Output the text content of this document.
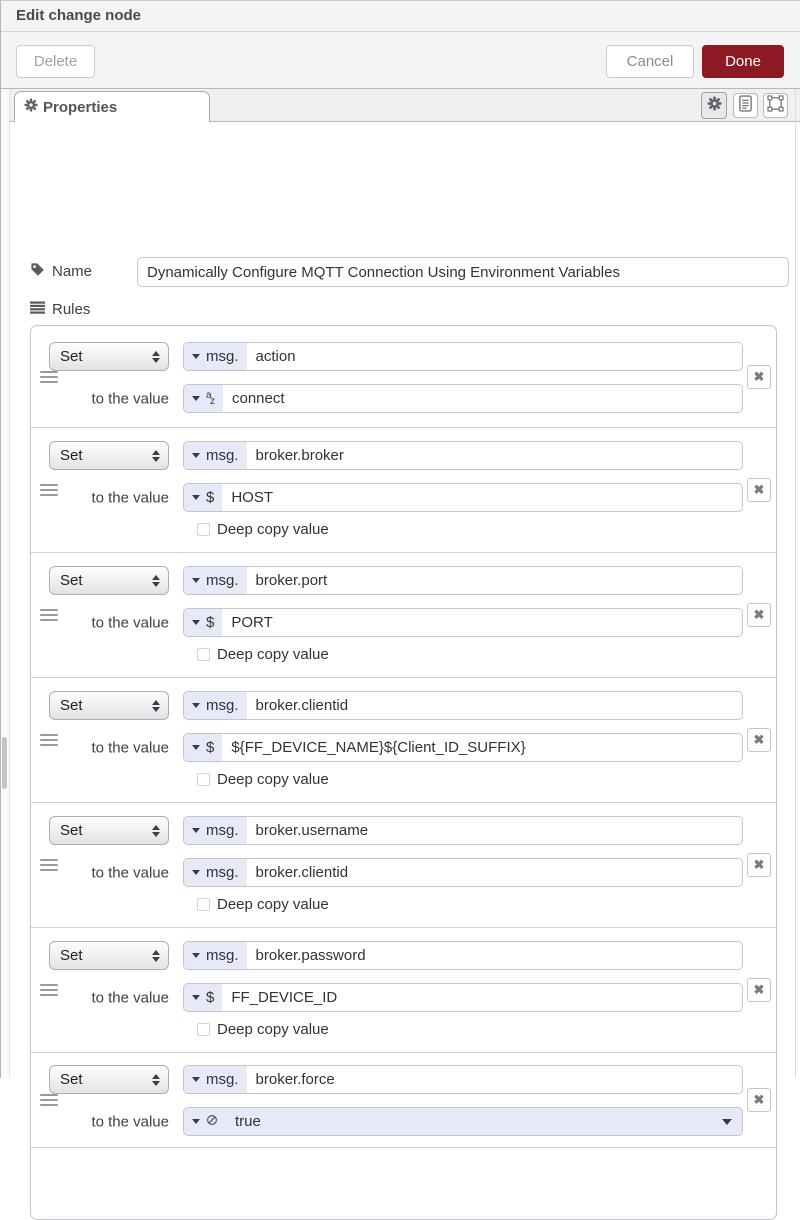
Edit change node
Delete	Cancel	Done
Properties
Name
Dynamically Configure MQTT Connection Using Environment Variables
Rules
Set	msg.	action
to the value	a
z	connect
✖
Set	msg.	broker.broker
to the value $	HOST
Deep copy value
✖
Set	msg.	broker.port
to the value $	PORT
Deep copy value
✖
Set	msg.	broker.clientid
to the value $	${FF_DEVICE_NAME}${Client_ID_SUFFIX}
Deep copy value
✖
Set	msg.	broker.username
to the value msg.	broker.clientid
Deep copy value
✖
Set	msg.	broker.password
to the value $	FF_DEVICE_ID
Deep copy value
✖
Set	msg.	broker.force
to the value	true
✖
